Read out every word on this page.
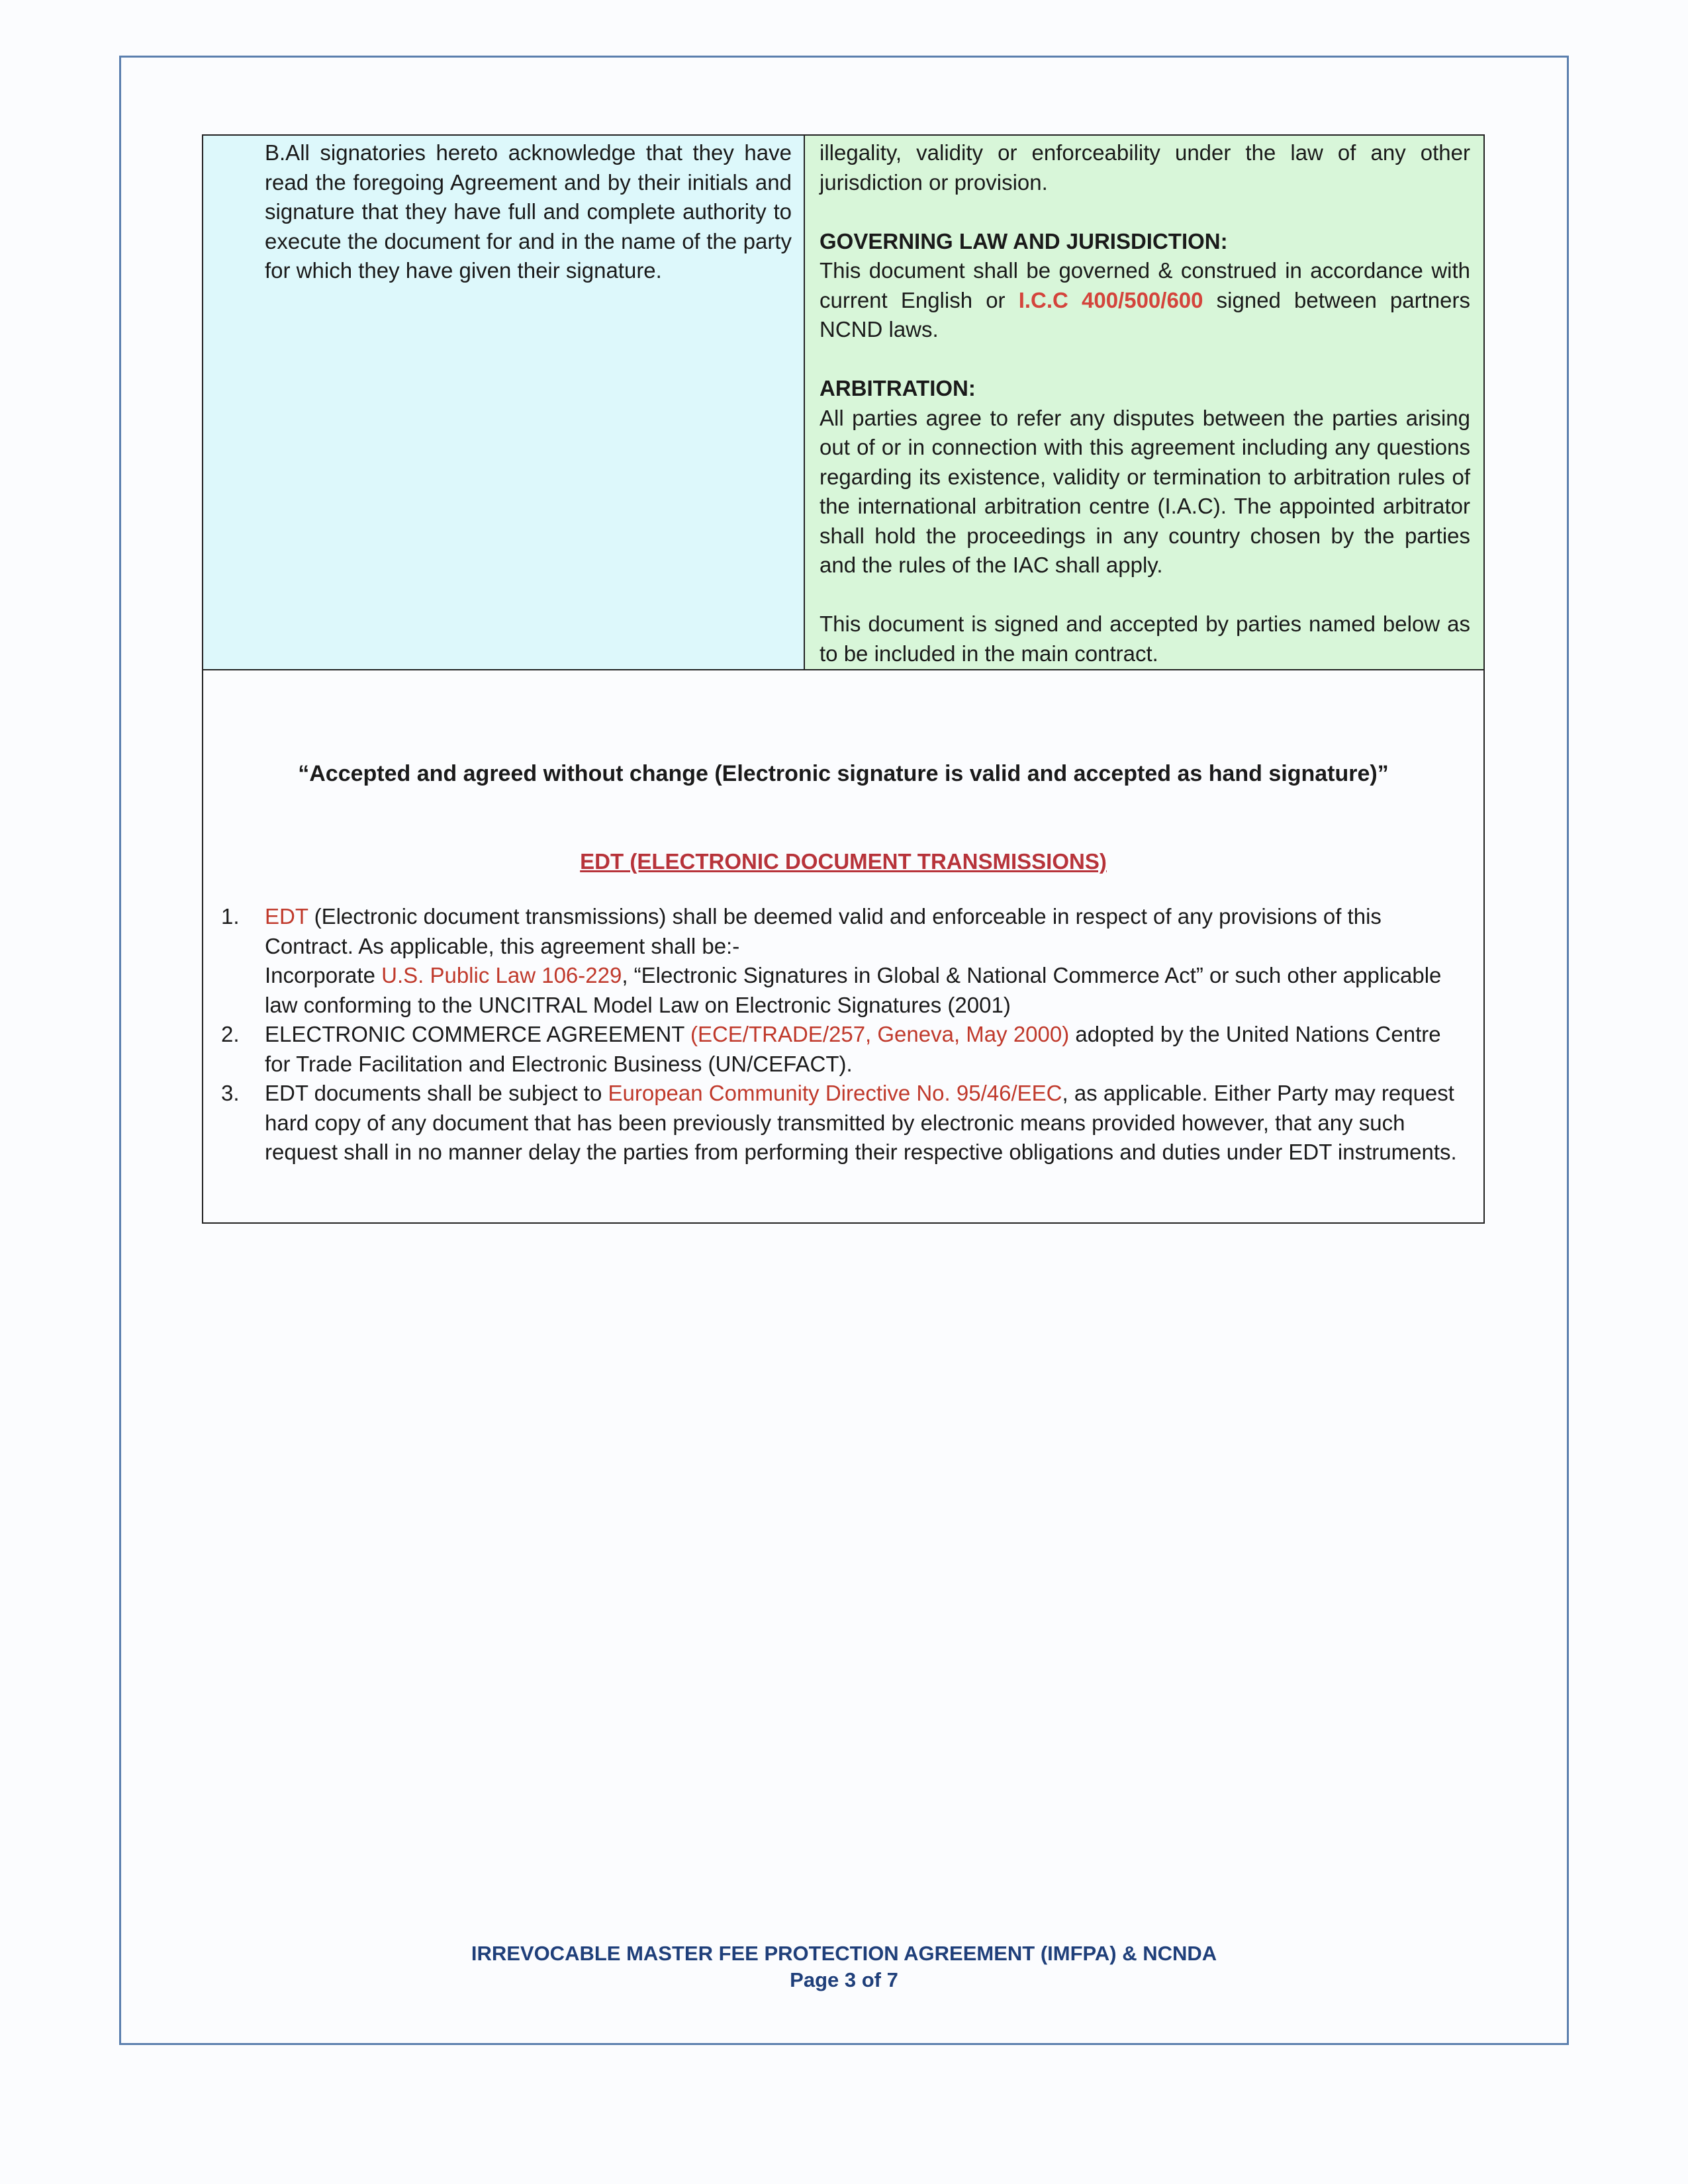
B.All signatories hereto acknowledge that they have read the foregoing Agreement and by their initials and signature that they have full and complete authority to execute the document for and in the name of the party for which they have given their signature.

illegality, validity or enforceability under the law of any other jurisdiction or provision.

GOVERNING LAW AND JURISDICTION:

This document shall be governed & construed in accordance with current English or I.C.C 400/500/600 signed between partners NCND laws.

ARBITRATION:

All parties agree to refer any disputes between the parties arising out of or in connection with this agreement including any questions regarding its existence, validity or termination to arbitration rules of the international arbitration centre (I.A.C). The appointed arbitrator shall hold the proceedings in any country chosen by the parties and the rules of the IAC shall apply.

This document is signed and accepted by parties named below as to be included in the main contract.

“Accepted and agreed without change (Electronic signature is valid and accepted as hand signature)”
EDT (ELECTRONIC DOCUMENT TRANSMISSIONS)
1. EDT (Electronic document transmissions) shall be deemed valid and enforceable in respect of any provisions of this Contract. As applicable, this agreement shall be:-
Incorporate U.S. Public Law 106-229, “Electronic Signatures in Global & National Commerce Act” or such other applicable law conforming to the UNCITRAL Model Law on Electronic Signatures (2001)
2. ELECTRONIC COMMERCE AGREEMENT (ECE/TRADE/257, Geneva, May 2000) adopted by the United Nations Centre for Trade Facilitation and Electronic Business (UN/CEFACT).
3. EDT documents shall be subject to European Community Directive No. 95/46/EEC, as applicable. Either Party may request hard copy of any document that has been previously transmitted by electronic means provided however, that any such request shall in no manner delay the parties from performing their respective obligations and duties under EDT instruments.
IRREVOCABLE MASTER FEE PROTECTION AGREEMENT (IMFPA) & NCNDA
Page 3 of 7
